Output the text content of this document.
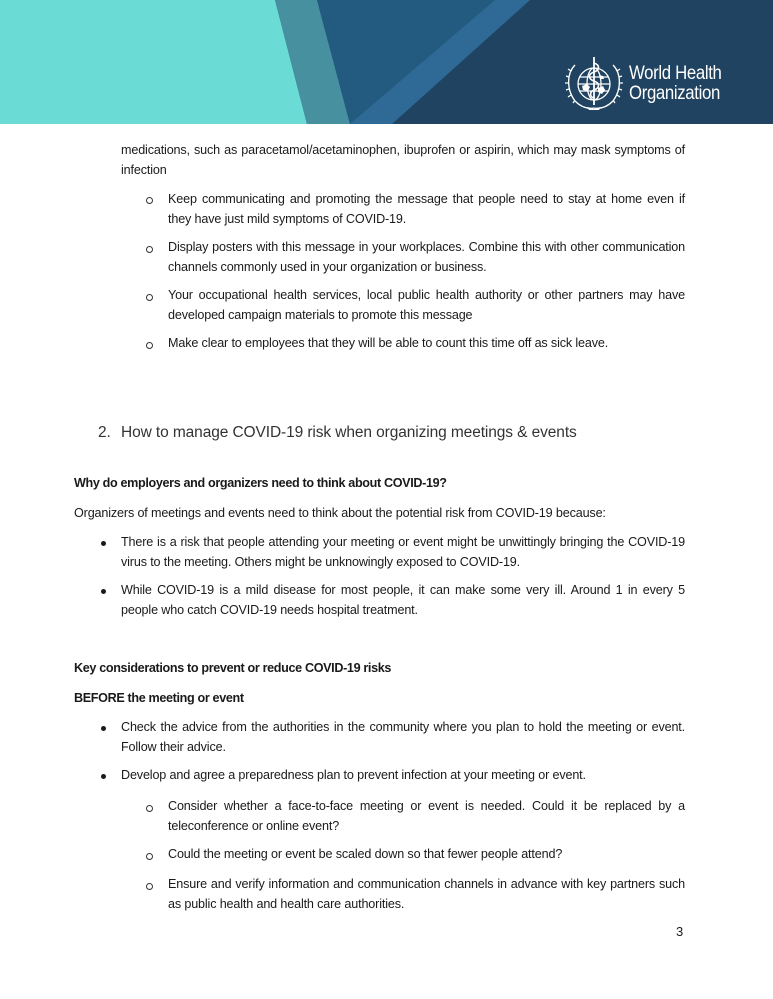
World Health
Organization
medications, such as paracetamol/acetaminophen, ibuprofen or aspirin, which may mask symptoms of infection
Keep communicating and promoting the message that people need to stay at home even if they have just mild symptoms of COVID-19.
Display posters with this message in your workplaces. Combine this with other communication channels commonly used in your organization or business.
Your occupational health services, local public health authority or other partners may have developed campaign materials to promote this message
Make clear to employees that they will be able to count this time off as sick leave.
2. How to manage COVID-19 risk when organizing meetings & events
Why do employers and organizers need to think about COVID-19?
Organizers of meetings and events need to think about the potential risk from COVID-19 because:
There is a risk that people attending your meeting or event might be unwittingly bringing the COVID-19 virus to the meeting. Others might be unknowingly exposed to COVID-19.
While COVID-19 is a mild disease for most people, it can make some very ill. Around 1 in every 5 people who catch COVID-19 needs hospital treatment.
Key considerations to prevent or reduce COVID-19 risks
BEFORE the meeting or event
Check the advice from the authorities in the community where you plan to hold the meeting or event. Follow their advice.
Develop and agree a preparedness plan to prevent infection at your meeting or event.
Consider whether a face-to-face meeting or event is needed. Could it be replaced by a teleconference or online event?
Could the meeting or event be scaled down so that fewer people attend?
Ensure and verify information and communication channels in advance with key partners such as public health and health care authorities.
3
